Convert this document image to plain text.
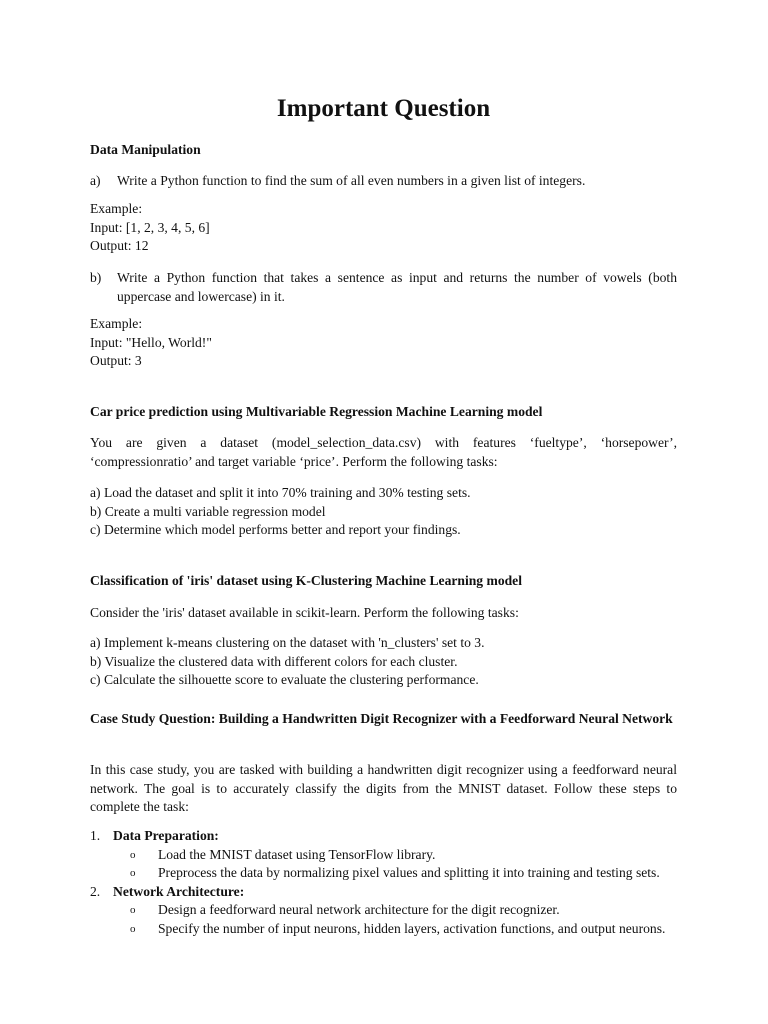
Important Question

Data Manipulation

a)	Write a Python function to find the sum of all even numbers in a given list of integers.

Example:

Input: [1, 2, 3, 4, 5, 6]

Output: 12

b)	Write a Python function that takes a sentence as input and returns the number of vowels (both uppercase and lowercase) in it.

Example:

Input: "Hello, World!"

Output: 3

Car price prediction using Multivariable Regression Machine Learning model

You are given a dataset (model_selection_data.csv) with features ‘fueltype’, ‘horsepower’, ‘compressionratio’ and target variable ‘price’. Perform the following tasks:

a) Load the dataset and split it into 70% training and 30% testing sets.

b) Create a multi variable regression model

c) Determine which model performs better and report your findings.

Classification of 'iris' dataset using K-Clustering Machine Learning model

Consider the 'iris' dataset available in scikit-learn. Perform the following tasks:

a) Implement k-means clustering on the dataset with 'n_clusters' set to 3.

b) Visualize the clustered data with different colors for each cluster.

c) Calculate the silhouette score to evaluate the clustering performance.

Case Study Question: Building a Handwritten Digit Recognizer with a Feedforward Neural Network

In this case study, you are tasked with building a handwritten digit recognizer using a feedforward neural network. The goal is to accurately classify the digits from the MNIST dataset. Follow these steps to complete the task:

1. Data Preparation:
o	Load the MNIST dataset using TensorFlow library.
o	Preprocess the data by normalizing pixel values and splitting it into training and testing sets.
2. Network Architecture:
o	Design a feedforward neural network architecture for the digit recognizer.
o	Specify the number of input neurons, hidden layers, activation functions, and output neurons.
